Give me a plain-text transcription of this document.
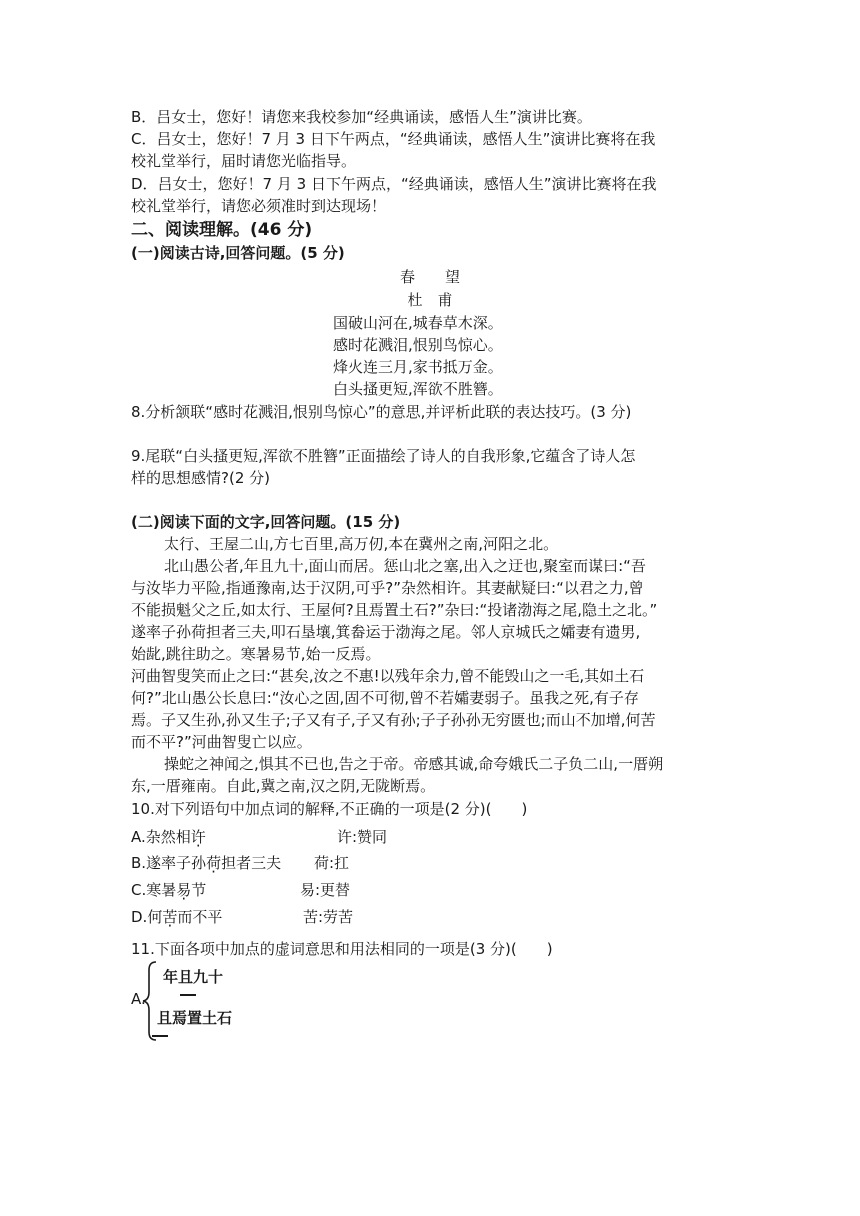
B．吕女士，您好！请您来我校参加“经典诵读，感悟人生”演讲比赛。
C．吕女士，您好！7 月 3 日下午两点，“经典诵读，感悟人生”演讲比赛将在我
校礼堂举行，届时请您光临指导。
D．吕女士，您好！7 月 3 日下午两点，“经典诵读，感悟人生”演讲比赛将在我
校礼堂举行，请您必须准时到达现场！
二、阅读理解。(46 分)
(一)阅读古诗,回答问题。(5 分)
春　　望
杜　甫
国破山河在,城春草木深。
感时花溅泪,恨别鸟惊心。
烽火连三月,家书抵万金。
白头搔更短,浑欲不胜簪。
8.分析颔联“感时花溅泪,恨别鸟惊心”的意思,并评析此联的表达技巧。(3 分)
9.尾联“白头搔更短,浑欲不胜簪”正面描绘了诗人的自我形象,它蕴含了诗人怎
样的思想感情?(2 分)
(二)阅读下面的文字,回答问题。(15 分)
太行、王屋二山,方七百里,高万仞,本在冀州之南,河阳之北。
北山愚公者,年且九十,面山而居。惩山北之塞,出入之迂也,聚室而谋曰:“吾
与汝毕力平险,指通豫南,达于汉阴,可乎?”杂然相许。其妻献疑曰:“以君之力,曾
不能损魁父之丘,如太行、王屋何?且焉置土石?”杂曰:“投诸渤海之尾,隐土之北。”
遂率子孙荷担者三夫,叩石垦壤,箕畚运于渤海之尾。邻人京城氏之孀妻有遗男,
始龀,跳往助之。寒暑易节,始一反焉。
河曲智叟笑而止之曰:“甚矣,汝之不惠!以残年余力,曾不能毁山之一毛,其如土石
何?”北山愚公长息曰:“汝心之固,固不可彻,曾不若孀妻弱子。虽我之死,有子存
焉。子又生孙,孙又生子;子又有子,子又有孙;子子孙孙无穷匮也;而山不加增,何苦
而不平?”河曲智叟亡以应。
操蛇之神闻之,惧其不已也,告之于帝。帝感其诚,命夸娥氏二子负二山,一厝朔
东,一厝雍南。自此,冀之南,汉之阴,无陇断焉。
10.对下列语句中加点词的解释,不正确的一项是(2 分)(　　)
A.杂然相许	许:赞同
B.遂率子孙荷担者三夫 荷:扛
C.寒暑易节	易:更替
D.何苦而不平	苦:劳苦
11.下面各项中加点的虚词意思和用法相同的一项是(3 分)(　　)
A.
年且九十
且焉置土石
